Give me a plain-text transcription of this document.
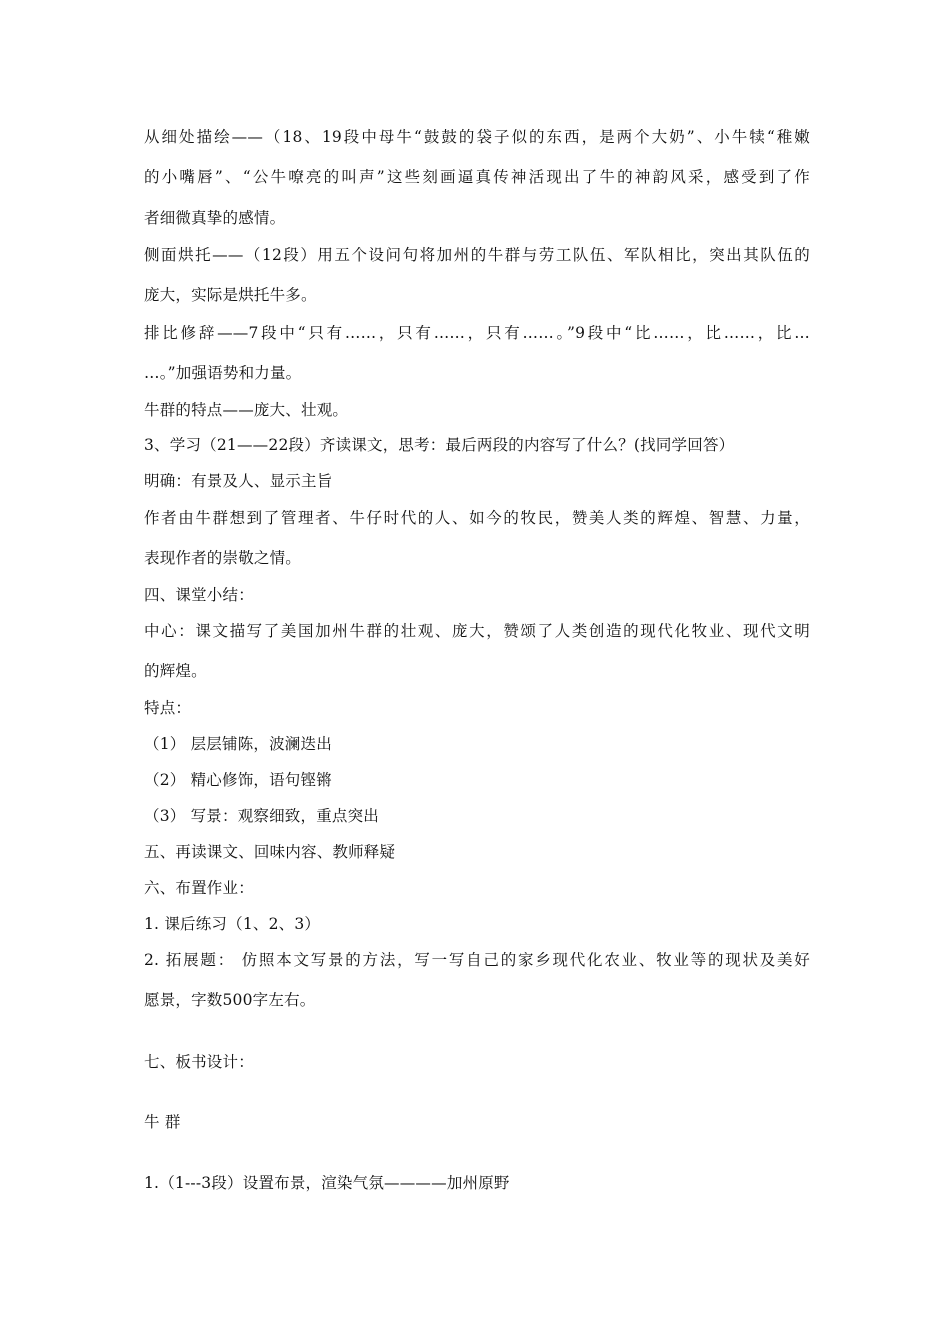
从细处描绘——（18、19段中母牛“鼓鼓的袋子似的东西，是两个大奶”、小牛犊“稚嫩
的小嘴唇”、“公牛嘹亮的叫声”这些刻画逼真传神活现出了牛的神韵风采，感受到了作
者细微真挚的感情。
侧面烘托——（12段）用五个设问句将加州的牛群与劳工队伍、军队相比，突出其队伍的
庞大，实际是烘托牛多。
排比修辞——7段中“只有……，只有……，只有……。”9段中“比……，比……，比…
…。”加强语势和力量。
牛群的特点——庞大、壮观。
3、学习（21——22段）齐读课文，思考：最后两段的内容写了什么？(找同学回答）
明确：有景及人、显示主旨
作者由牛群想到了管理者、牛仔时代的人、如今的牧民，赞美人类的辉煌、智慧、力量，
表现作者的崇敬之情。
四、课堂小结：
中心：课文描写了美国加州牛群的壮观、庞大，赞颂了人类创造的现代化牧业、现代文明
的辉煌。
特点：
（1） 层层铺陈，波澜迭出
（2） 精心修饰，语句铿锵
（3） 写景：观察细致，重点突出
五、再读课文、回味内容、教师释疑
六、布置作业：
1. 课后练习（1、2、3）
2. 拓展题： 仿照本文写景的方法，写一写自己的家乡现代化农业、牧业等的现状及美好
愿景，字数500字左右。
七、板书设计：
牛 群
1.（1---3段）设置布景，渲染气氛————加州原野
